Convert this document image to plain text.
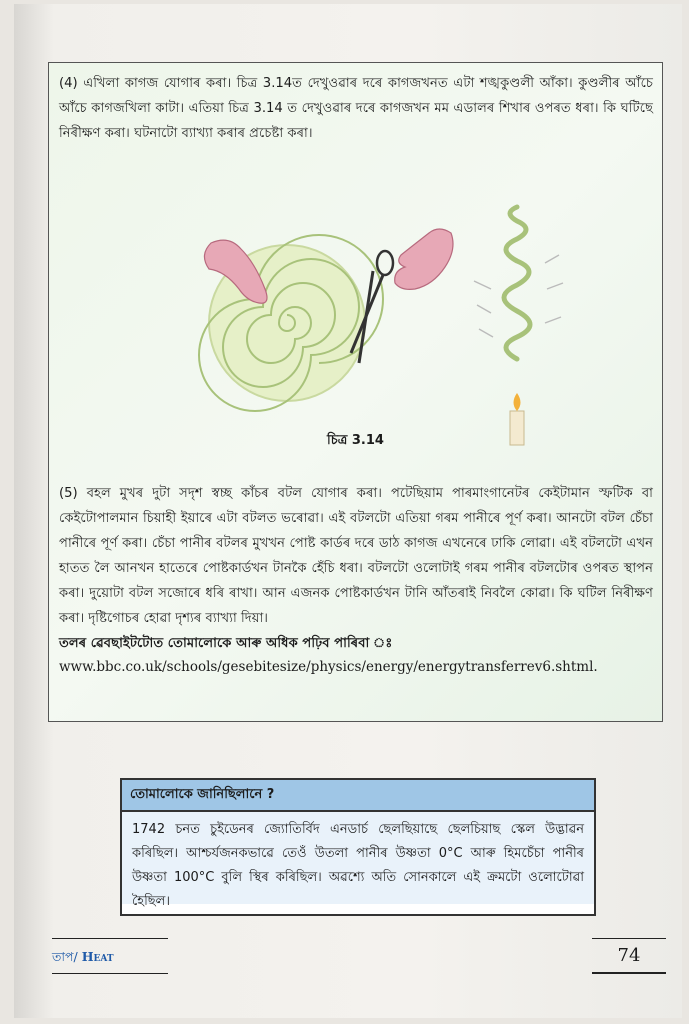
(4) এখিলা কাগজ যোগাৰ কৰা। চিত্ৰ 3.14ত দেখুওৱাৰ দৰে কাগজখনত এটা শঙ্খকুণ্ডলী আঁকা। কুণ্ডলীৰ আঁচে আঁচে কাগজখিলা কাটা। এতিয়া চিত্ৰ 3.14 ত দেখুওৱাৰ দৰে কাগজখন মম এডালৰ শিখাৰ ওপৰত ধৰা। কি ঘটিছে নিৰীক্ষণ কৰা। ঘটনাটো ব্যাখ্যা কৰাৰ প্ৰচেষ্টা কৰা।

চিত্ৰ 3.14

(5) বহল মুখৰ দুটা সদৃশ স্বচ্ছ কাঁচৰ বটল যোগাৰ কৰা। পটেছিয়াম পাৰমাংগানেটৰ কেইটামান স্ফটিক বা কেইটোপালমান চিয়াহী ইয়াৰে এটা বটলত ভৰোৱা। এই বটলটো এতিয়া গৰম পানীৰে পূৰ্ণ কৰা। আনটো বটল চেঁচা পানীৰে পূৰ্ণ কৰা। চেঁচা পানীৰ বটলৰ মুখখন পোষ্ট কাৰ্ডৰ দৰে ডাঠ কাগজ এখনেৰে ঢাকি লোৱা। এই বটলটো এখন হাতত লৈ আনখন হাতেৰে পোষ্টকাৰ্ডখন টানকৈ হেঁচি ধৰা। বটলটো ওলোটাই গৰম পানীৰ বটলটোৰ ওপৰত স্থাপন কৰা। দুয়োটা বটল সজোৰে ধৰি ৰাখা। আন এজনক পোষ্টকাৰ্ডখন টানি আঁতৰাই নিবলৈ কোৱা। কি ঘটিল নিৰীক্ষণ কৰা। দৃষ্টিগোচৰ হোৱা দৃশ্যৰ ব্যাখ্যা দিয়া।

তলৰ ৱেবছাইটটোত তোমালোকে আৰু অধিক পঢ়িব পাৰিবা ঃ
www.bbc.co.uk/schools/gesebitesize/physics/energy/energytransferrev6.shtml.
তোমালোকে জানিছিলানে ?
1742 চনত চুইডেনৰ জ্যোতিৰ্বিদ এনডাৰ্চ ছেলছিয়াছে ছেলচিয়াছ স্কেল উদ্ভাৱন কৰিছিল। আশ্চৰ্যজনকভাৱে তেওঁ উতলা পানীৰ উষ্ণতা 0°C আৰু হিমচেঁচা পানীৰ উষ্ণতা 100°C বুলি স্থিৰ কৰিছিল। অৱশ্যে অতি সোনকালে এই ক্ৰমটো ওলোটোৱা হৈছিল।
তাপ/ Heat	74
